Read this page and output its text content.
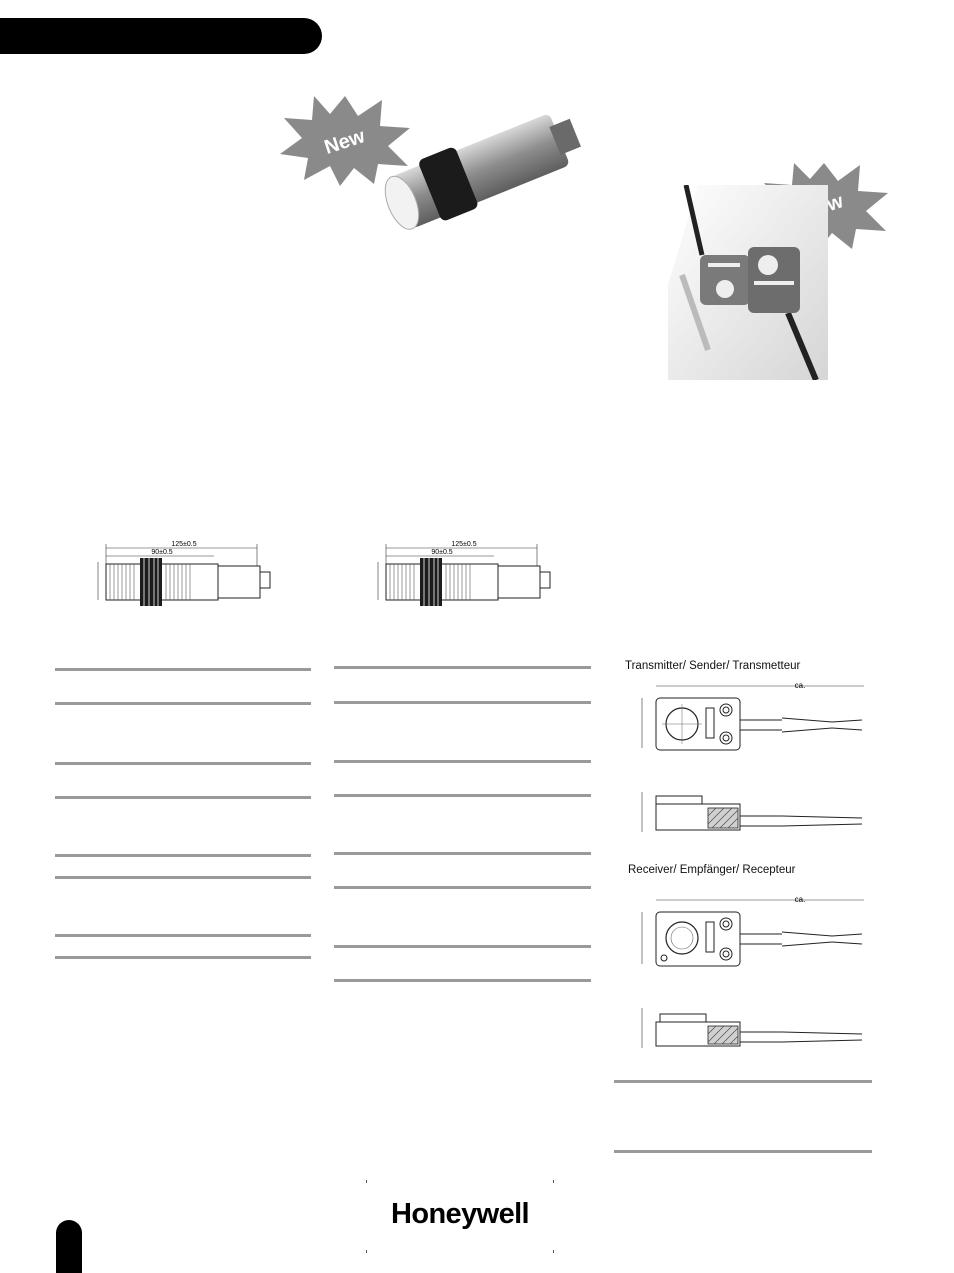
New
125±0.5
90±0.5
125±0.5
90±0.5
Transmitter/ Sender/ Transmetteur
ca.
Receiver/ Empfänger/ Recepteur
ca.
Honeywell
